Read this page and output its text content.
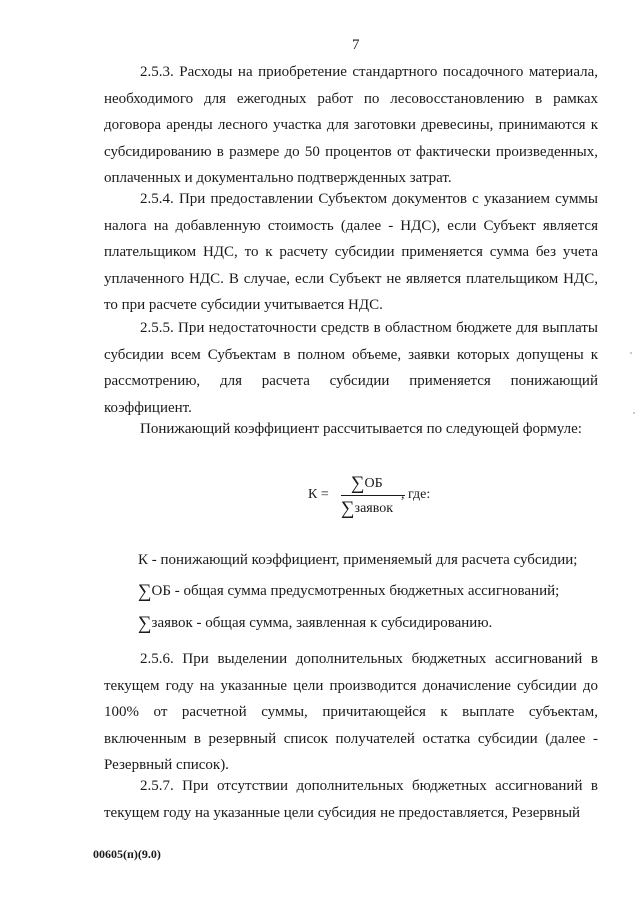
7

2.5.3. Расходы на приобретение стандартного посадочного материала, необходимого для ежегодных работ по лесовосстановлению в рамках договора аренды лесного участка для заготовки древесины, принимаются к субсидированию в размере до 50 процентов от фактически произведенных, оплаченных и документально подтвержденных затрат.

2.5.4. При предоставлении Субъектом документов с указанием суммы налога на добавленную стоимость (далее - НДС), если Субъект является плательщиком НДС, то к расчету субсидии применяется сумма без учета уплаченного НДС. В случае, если Субъект не является плательщиком НДС, то при расчете субсидии учитывается НДС.

2.5.5. При недостаточности средств в областном бюджете для выплаты субсидии всем Субъектам в полном объеме, заявки которых допущены к рассмотрению, для расчета субсидии применяется понижающий коэффициент.

Понижающий коэффициент рассчитывается по следующей формуле:
К =
∑ОБ
∑заявок
, где:
К - понижающий коэффициент, применяемый для расчета субсидии;
∑ОБ - общая сумма предусмотренных бюджетных ассигнований;
∑заявок - общая сумма, заявленная к субсидированию.

2.5.6. При выделении дополнительных бюджетных ассигнований в текущем году на указанные цели производится доначисление субсидии до 100% от расчетной суммы, причитающейся к выплате субъектам, включенным в резервный список получателей остатка субсидии (далее - Резервный список).

2.5.7. При отсутствии дополнительных бюджетных ассигнований в текущем году на указанные цели субсидия не предоставляется, Резервный

00605(п)(9.0)
